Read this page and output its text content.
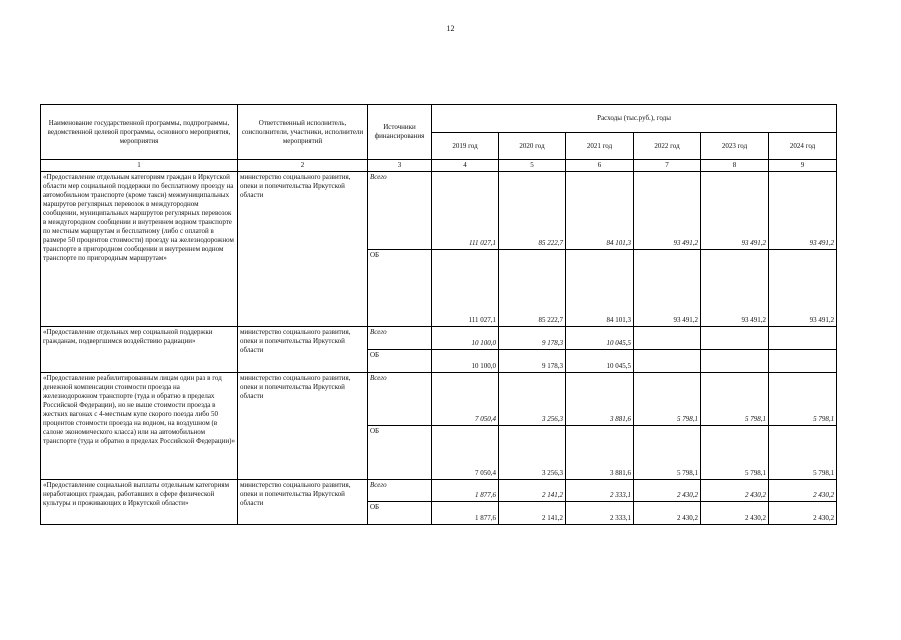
12
Наименование государственной программы, подпрограммы, ведомственной целевой программы, основного мероприятия, мероприятия	Ответственный исполнитель, соисполнители, участники, исполнители мероприятий	Источники финансирования	Расходы (тыс.руб.), годы					
			2019 год	2020 год	2021 год	2022 год	2023 год	2024 год
1	2	3	4	5	6	7	8	9
«Предоставление отдельным категориям граждан в Иркутской области мер социальной поддержки по бесплатному проезду на автомобильном транспорте (кроме такси) межмуниципальных маршрутов регулярных перевозок в междугородном сообщении, муниципальных маршрутов регулярных перевозок в междугородном сообщении и внутреннем водном транспорте по местным маршрутам и бесплатному (либо с оплатой в размере 50 процентов стоимости) проезду на железнодорожном транспорте в пригородном сообщении и внутреннем водном транспорте по пригородным маршрутам»	министерство социального развития, опеки и попечительства Иркутской области	Всего	111 027,1	85 222,7	84 101,3	93 491,2	93 491,2	93 491,2
		ОБ	111 027,1	85 222,7	84 101,3	93 491,2	93 491,2	93 491,2
«Предоставление отдельных мер социальной поддержки гражданам, подвергшимся воздействию радиации»	министерство социального развития, опеки и попечительства Иркутской области	Всего	10 100,0	9 178,3	10 045,5			
		ОБ	10 100,0	9 178,3	10 045,5			
«Предоставление реабилитированным лицам один раз в год денежной компенсации стоимости проезда на железнодорожном транспорте (туда и обратно в пределах Российской Федерации), но не выше стоимости проезда в жестких вагонах с 4-местным купе скорого поезда либо 50 процентов стоимости проезда на водном, на воздушном (в салоне экономического класса) или на автомобильном транспорте (туда и обратно в пределах Российской Федерации)»	министерство социального развития, опеки и попечительства Иркутской области	Всего	7 050,4	3 256,3	3 881,6	5 798,1	5 798,1	5 798,1
		ОБ	7 050,4	3 256,3	3 881,6	5 798,1	5 798,1	5 798,1
«Предоставление социальной выплаты отдельным категориям неработающих граждан, работавших в сфере физической культуры и проживающих в Иркутской области»	министерство социального развития, опеки и попечительства Иркутской области	Всего	1 877,6	2 141,2	2 333,1	2 430,2	2 430,2	2 430,2
		ОБ	1 877,6	2 141,2	2 333,1	2 430,2	2 430,2	2 430,2
